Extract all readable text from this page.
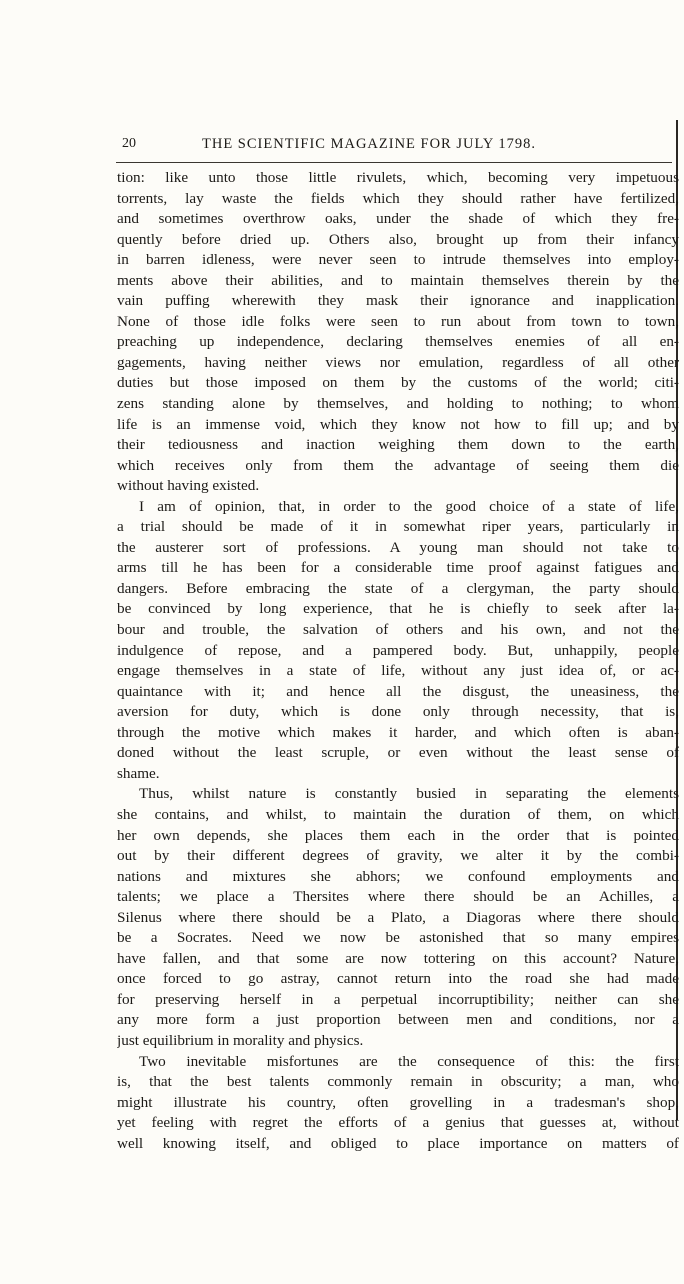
20	THE SCIENTIFIC MAGAZINE FOR JULY 1798.
tion: like unto those little rivulets, which, becoming very impetuous
torrents, lay waste the fields which they should rather have fertilized,
and sometimes overthrow oaks, under the shade of which they fre-
quently before dried up. Others also, brought up from their infancy
in barren idleness, were never seen to intrude themselves into employ-
ments above their abilities, and to maintain themselves therein by the
vain puffing wherewith they mask their ignorance and inapplication.
None of those idle folks were seen to run about from town to town,
preaching up independence, declaring themselves enemies of all en-
gagements, having neither views nor emulation, regardless of all other
duties but those imposed on them by the customs of the world; citi-
zens standing alone by themselves, and holding to nothing; to whom
life is an immense void, which they know not how to fill up; and by
their tediousness and inaction weighing them down to the earth,
which receives only from them the advantage of seeing them die
without having existed.
I am of opinion, that, in order to the good choice of a state of life,
a trial should be made of it in somewhat riper years, particularly in
the austerer sort of professions. A young man should not take to
arms till he has been for a considerable time proof against fatigues and
dangers. Before embracing the state of a clergyman, the party should
be convinced by long experience, that he is chiefly to seek after la-
bour and trouble, the salvation of others and his own, and not the
indulgence of repose, and a pampered body. But, unhappily, people
engage themselves in a state of life, without any just idea of, or ac-
quaintance with it; and hence all the disgust, the uneasiness, the
aversion for duty, which is done only through necessity, that is,
through the motive which makes it harder, and which often is aban-
doned without the least scruple, or even without the least sense of
shame.
Thus, whilst nature is constantly busied in separating the elements
she contains, and whilst, to maintain the duration of them, on which
her own depends, she places them each in the order that is pointed
out by their different degrees of gravity, we alter it by the combi-
nations and mixtures she abhors; we confound employments and
talents; we place a Thersites where there should be an Achilles, a
Silenus where there should be a Plato, a Diagoras where there should
be a Socrates. Need we now be astonished that so many empires
have fallen, and that some are now tottering on this account? Nature,
once forced to go astray, cannot return into the road she had made
for preserving herself in a perpetual incorruptibility; neither can she
any more form a just proportion between men and conditions, nor a
just equilibrium in morality and physics.
Two inevitable misfortunes are the consequence of this: the first
is, that the best talents commonly remain in obscurity; a man, who
might illustrate his country, often grovelling in a tradesman's shop,
yet feeling with regret the efforts of a genius that guesses at, without
well knowing itself, and obliged to place importance on matters of
